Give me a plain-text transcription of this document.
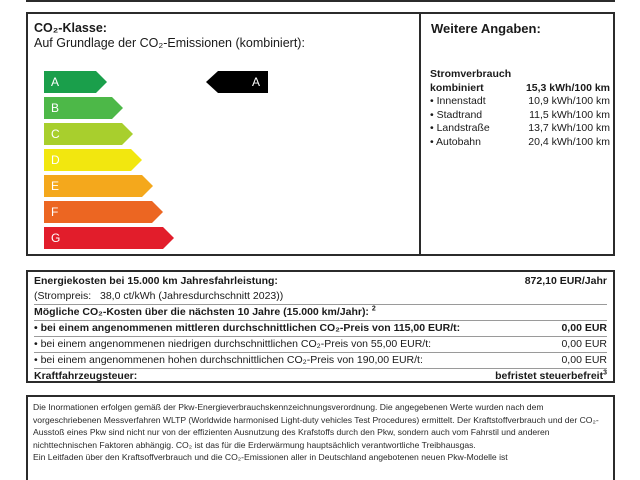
CO₂-Klasse:
Auf Grundlage der CO₂-Emissionen (kombiniert):
A
B
C
D
E
F
G
A
Weitere Angaben:
Stromverbrauch
kombiniert	15,3 kWh/100 km
• Innenstadt	10,9 kWh/100 km
• Stadtrand	11,5 kWh/100 km
• Landstraße	13,7 kWh/100 km
• Autobahn	20,4 kWh/100 km
Energiekosten bei 15.000 km Jahresfahrleistung:	872,10 EUR/Jahr
(Strompreis: 38,0 ct/kWh (Jahresdurchschnitt 2023))
Mögliche CO₂-Kosten über die nächsten 10 Jahre (15.000 km/Jahr): $^2$
• bei einem angenommenen mittleren durchschnittlichen CO₂-Preis von 115,00 EUR/t:	0,00 EUR
• bei einem angenommenen niedrigen durchschnittlichen CO₂-Preis von 55,00 EUR/t:	0,00 EUR
• bei einem angenommenen hohen durchschnittlichen CO₂-Preis von 190,00 EUR/t:	0,00 EUR
Kraftfahrzeugsteuer:	befristet steuerbefreit$^3$

Die Inormationen erfolgen gemäß der Pkw-Energieverbrauchskennzeichnungsverordnung. Die angegebenen Werte wurden nach dem vorgeschriebenen Messverfahren WLTP (Worldwide harmonised Light-duty vehicles Test Procedures) ermittelt. Der Kraftstoffverbrauch und der CO₂-Ausstoß eines Pkw sind nicht nur von der effizienten Ausnutzung des Krafstoffs durch den Pkw, sondern auch vom Fahrstil und anderen nichttechnischen Faktoren abhängig. CO₂ ist das für die Erderwärmung hauptsächlich verantwortliche Treibhausgas.

Ein Leitfaden über den Kraftsoffverbrauch und die CO₂-Emissionen aller in Deutschland angebotenen neuen Pkw-Modelle ist
